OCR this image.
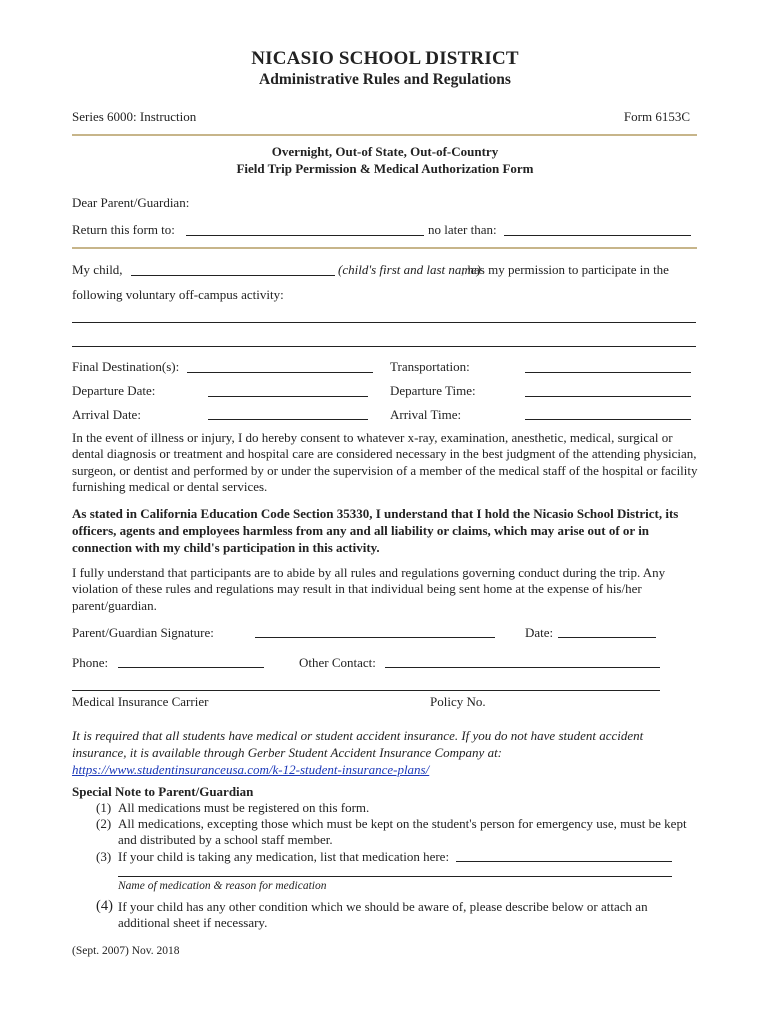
NICASIO SCHOOL DISTRICT
Administrative Rules and Regulations
Series 6000: Instruction	Form 6153C
Overnight, Out-of State, Out-of-Country
Field Trip Permission & Medical Authorization Form
Dear Parent/Guardian:
Return this form to:	no later than:
My child,	(child's first and last name)
, has my permission to participate in the
following voluntary off-campus activity:
Final Destination(s):	Transportation:
Departure Date:	Departure Time:
Arrival Date:	Arrival Time:
In the event of illness or injury, I do hereby consent to whatever x-ray, examination, anesthetic, medical, surgical or dental diagnosis or treatment and hospital care are considered necessary in the best judgment of the attending physician, surgeon, or dentist and performed by or under the supervision of a member of the medical staff of the hospital or facility furnishing medical or dental services.
As stated in California Education Code Section 35330, I understand that I hold the Nicasio School District, its officers, agents and employees harmless from any and all liability or claims, which may arise out of or in connection with my child's participation in this activity.
I fully understand that participants are to abide by all rules and regulations governing conduct during the trip. Any violation of these rules and regulations may result in that individual being sent home at the expense of his/her parent/guardian.
Parent/Guardian Signature:	Date:
Phone:	Other Contact:
Medical Insurance Carrier	Policy No.
It is required that all students have medical or student accident insurance. If you do not have student accident insurance, it is available through Gerber Student Accident Insurance Company at: https://www.studentinsuranceusa.com/k-12-student-insurance-plans/
Special Note to Parent/Guardian
(1) All medications must be registered on this form.
(2) All medications, excepting those which must be kept on the student's person for emergency use, must be kept and distributed by a school staff member.
(3) If your child is taking any medication, list that medication here:
Name of medication & reason for medication
(4) If your child has any other condition which we should be aware of, please describe below or attach an additional sheet if necessary.
(Sept. 2007) Nov. 2018
